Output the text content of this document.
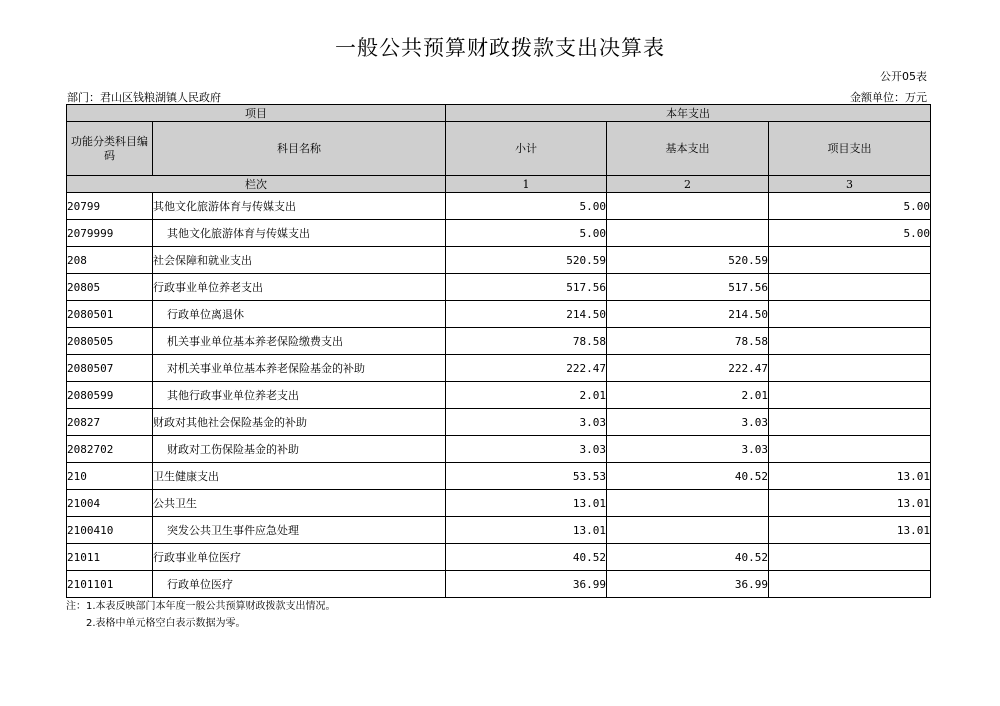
一般公共预算财政拨款支出决算表
公开05表
部门：君山区钱粮湖镇人民政府	金额单位：万元
项目		本年支出		
功能分类科目编码	科目名称	小计	基本支出	项目支出
栏次		1	2	3
20799	其他文化旅游体育与传媒支出	5.00		5.00
2079999	其他文化旅游体育与传媒支出	5.00		5.00
208	社会保障和就业支出	520.59	520.59	
20805	行政事业单位养老支出	517.56	517.56	
2080501	行政单位离退休	214.50	214.50	
2080505	机关事业单位基本养老保险缴费支出	78.58	78.58	
2080507	对机关事业单位基本养老保险基金的补助	222.47	222.47	
2080599	其他行政事业单位养老支出	2.01	2.01	
20827	财政对其他社会保险基金的补助	3.03	3.03	
2082702	财政对工伤保险基金的补助	3.03	3.03	
210	卫生健康支出	53.53	40.52	13.01
21004	公共卫生	13.01		13.01
2100410	突发公共卫生事件应急处理	13.01		13.01
21011	行政事业单位医疗	40.52	40.52	
2101101	行政单位医疗	36.99	36.99	
注：1.本表反映部门本年度一般公共预算财政拨款支出情况。
2.表格中单元格空白表示数据为零。
